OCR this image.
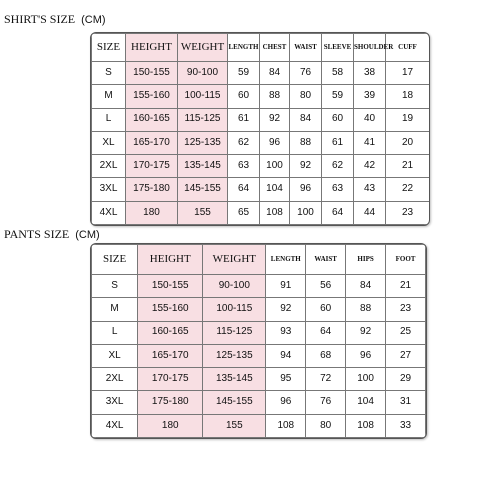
SHIRT'S SIZE (CM)
SIZE	HEIGHT	WEIGHT	LENGTH	CHEST	WAIST	SLEEVE	SHOULDER	CUFF
S	150-155	90-100	59	84	76	58	38	17
M	155-160	100-115	60	88	80	59	39	18
L	160-165	115-125	61	92	84	60	40	19
XL	165-170	125-135	62	96	88	61	41	20
2XL	170-175	135-145	63	100	92	62	42	21
3XL	175-180	145-155	64	104	96	63	43	22
4XL	180	155	65	108	100	64	44	23
PANTS SIZE (CM)
SIZE	HEIGHT	WEIGHT	LENGTH	WAIST	HIPS	FOOT
S	150-155	90-100	91	56	84	21
M	155-160	100-115	92	60	88	23
L	160-165	115-125	93	64	92	25
XL	165-170	125-135	94	68	96	27
2XL	170-175	135-145	95	72	100	29
3XL	175-180	145-155	96	76	104	31
4XL	180	155	108	80	108	33
